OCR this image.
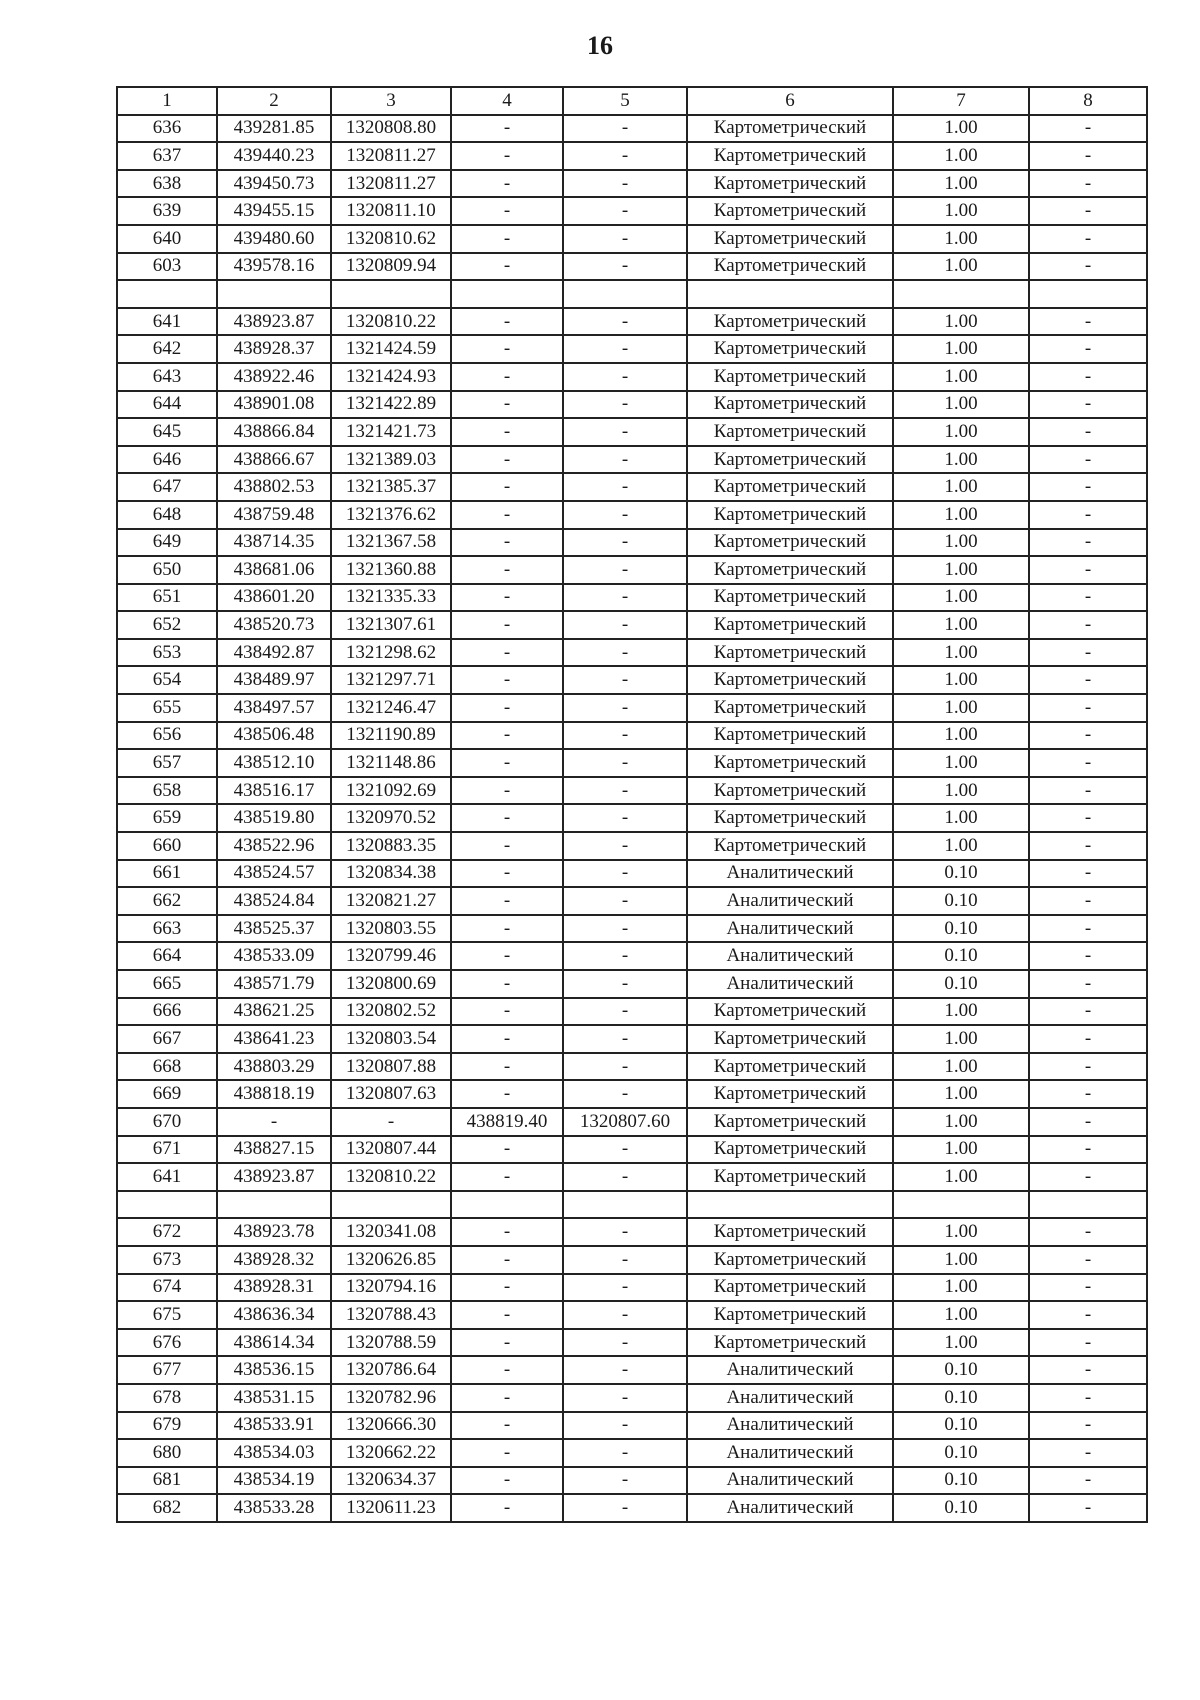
16
1	2	3	4	5	6	7	8
636	439281.85	1320808.80	-	-	Картометрический	1.00	-
637	439440.23	1320811.27	-	-	Картометрический	1.00	-
638	439450.73	1320811.27	-	-	Картометрический	1.00	-
639	439455.15	1320811.10	-	-	Картометрический	1.00	-
640	439480.60	1320810.62	-	-	Картометрический	1.00	-
603	439578.16	1320809.94	-	-	Картометрический	1.00	-

641	438923.87	1320810.22	-	-	Картометрический	1.00	-
642	438928.37	1321424.59	-	-	Картометрический	1.00	-
643	438922.46	1321424.93	-	-	Картометрический	1.00	-
644	438901.08	1321422.89	-	-	Картометрический	1.00	-
645	438866.84	1321421.73	-	-	Картометрический	1.00	-
646	438866.67	1321389.03	-	-	Картометрический	1.00	-
647	438802.53	1321385.37	-	-	Картометрический	1.00	-
648	438759.48	1321376.62	-	-	Картометрический	1.00	-
649	438714.35	1321367.58	-	-	Картометрический	1.00	-
650	438681.06	1321360.88	-	-	Картометрический	1.00	-
651	438601.20	1321335.33	-	-	Картометрический	1.00	-
652	438520.73	1321307.61	-	-	Картометрический	1.00	-
653	438492.87	1321298.62	-	-	Картометрический	1.00	-
654	438489.97	1321297.71	-	-	Картометрический	1.00	-
655	438497.57	1321246.47	-	-	Картометрический	1.00	-
656	438506.48	1321190.89	-	-	Картометрический	1.00	-
657	438512.10	1321148.86	-	-	Картометрический	1.00	-
658	438516.17	1321092.69	-	-	Картометрический	1.00	-
659	438519.80	1320970.52	-	-	Картометрический	1.00	-
660	438522.96	1320883.35	-	-	Картометрический	1.00	-
661	438524.57	1320834.38	-	-	Аналитический	0.10	-
662	438524.84	1320821.27	-	-	Аналитический	0.10	-
663	438525.37	1320803.55	-	-	Аналитический	0.10	-
664	438533.09	1320799.46	-	-	Аналитический	0.10	-
665	438571.79	1320800.69	-	-	Аналитический	0.10	-
666	438621.25	1320802.52	-	-	Картометрический	1.00	-
667	438641.23	1320803.54	-	-	Картометрический	1.00	-
668	438803.29	1320807.88	-	-	Картометрический	1.00	-
669	438818.19	1320807.63	-	-	Картометрический	1.00	-
670	-	-	438819.40	1320807.60	Картометрический	1.00	-
671	438827.15	1320807.44	-	-	Картометрический	1.00	-
641	438923.87	1320810.22	-	-	Картометрический	1.00	-

672	438923.78	1320341.08	-	-	Картометрический	1.00	-
673	438928.32	1320626.85	-	-	Картометрический	1.00	-
674	438928.31	1320794.16	-	-	Картометрический	1.00	-
675	438636.34	1320788.43	-	-	Картометрический	1.00	-
676	438614.34	1320788.59	-	-	Картометрический	1.00	-
677	438536.15	1320786.64	-	-	Аналитический	0.10	-
678	438531.15	1320782.96	-	-	Аналитический	0.10	-
679	438533.91	1320666.30	-	-	Аналитический	0.10	-
680	438534.03	1320662.22	-	-	Аналитический	0.10	-
681	438534.19	1320634.37	-	-	Аналитический	0.10	-
682	438533.28	1320611.23	-	-	Аналитический	0.10	-
